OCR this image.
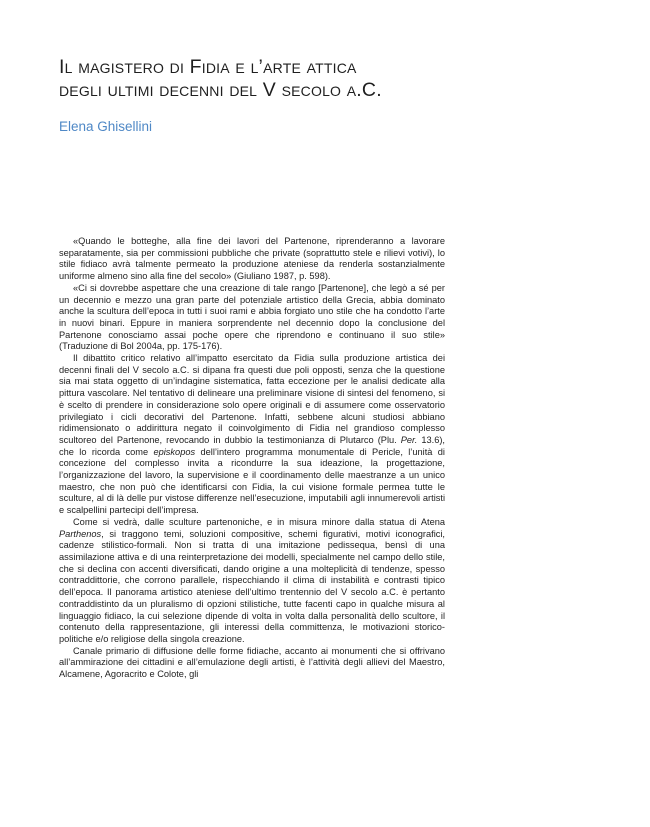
Il magistero di Fidia e l’arte attica
degli ultimi decenni del V secolo a.C.

Elena Ghisellini

«Quando le botteghe, alla fine dei lavori del Partenone, riprenderanno a lavorare separatamente, sia per commissioni pubbliche che private (soprattutto stele e rilievi votivi), lo stile fidiaco avrà talmente permeato la produzione ateniese da renderla sostanzialmente uniforme almeno sino alla fine del secolo» (Giuliano 1987, p. 598).

«Ci si dovrebbe aspettare che una creazione di tale rango [Partenone], che legò a sé per un decennio e mezzo una gran parte del potenziale artistico della Grecia, abbia dominato anche la scultura dell’epoca in tutti i suoi rami e abbia forgiato uno stile che ha condotto l’arte in nuovi binari. Eppure in maniera sorprendente nel decennio dopo la conclusione del Partenone conosciamo assai poche opere che riprendono e continuano il suo stile» (Traduzione di Bol 2004a, pp. 175-176).

Il dibattito critico relativo all’impatto esercitato da Fidia sulla produzione artistica dei decenni finali del V secolo a.C. si dipana fra questi due poli opposti, senza che la questione sia mai stata oggetto di un’indagine sistematica, fatta eccezione per le analisi dedicate alla pittura vascolare. Nel tentativo di delineare una preliminare visione di sintesi del fenomeno, si è scelto di prendere in considerazione solo opere originali e di assumere come osservatorio privilegiato i cicli decorativi del Partenone. Infatti, sebbene alcuni studiosi abbiano ridimensionato o addirittura negato il coinvolgimento di Fidia nel grandioso complesso scultoreo del Partenone, revocando in dubbio la testimonianza di Plutarco (Plu. Per. 13.6), che lo ricorda come episkopos dell’intero programma monumentale di Pericle, l’unità di concezione del complesso invita a ricondurre la sua ideazione, la progettazione, l’organizzazione del lavoro, la supervisione e il coordinamento delle maestranze a un unico maestro, che non può che identificarsi con Fidia, la cui visione formale permea tutte le sculture, al di là delle pur vistose differenze nell’esecuzione, imputabili agli innumerevoli artisti e scalpellini partecipi dell’impresa.

Come si vedrà, dalle sculture partenoniche, e in misura minore dalla statua di Atena Parthenos, si traggono temi, soluzioni compositive, schemi figurativi, motivi iconografici, cadenze stilistico-formali. Non si tratta di una imitazione pedissequa, bensì di una assimilazione attiva e di una reinterpretazione dei modelli, specialmente nel campo dello stile, che si declina con accenti diversificati, dando origine a una molteplicità di tendenze, spesso contraddittorie, che corrono parallele, rispecchiando il clima di instabilità e contrasti tipico dell’epoca. Il panorama artistico ateniese dell’ultimo trentennio del V secolo a.C. è pertanto contraddistinto da un pluralismo di opzioni stilistiche, tutte facenti capo in qualche misura al linguaggio fidiaco, la cui selezione dipende di volta in volta dalla personalità dello scultore, il contenuto della rappresentazione, gli interessi della committenza, le motivazioni storico-politiche e/o religiose della singola creazione.

Canale primario di diffusione delle forme fidiache, accanto ai monumenti che si offrivano all’ammirazione dei cittadini e all’emulazione degli artisti, è l’attività degli allievi del Maestro, Alcamene, Agoracrito e Colote, gli
